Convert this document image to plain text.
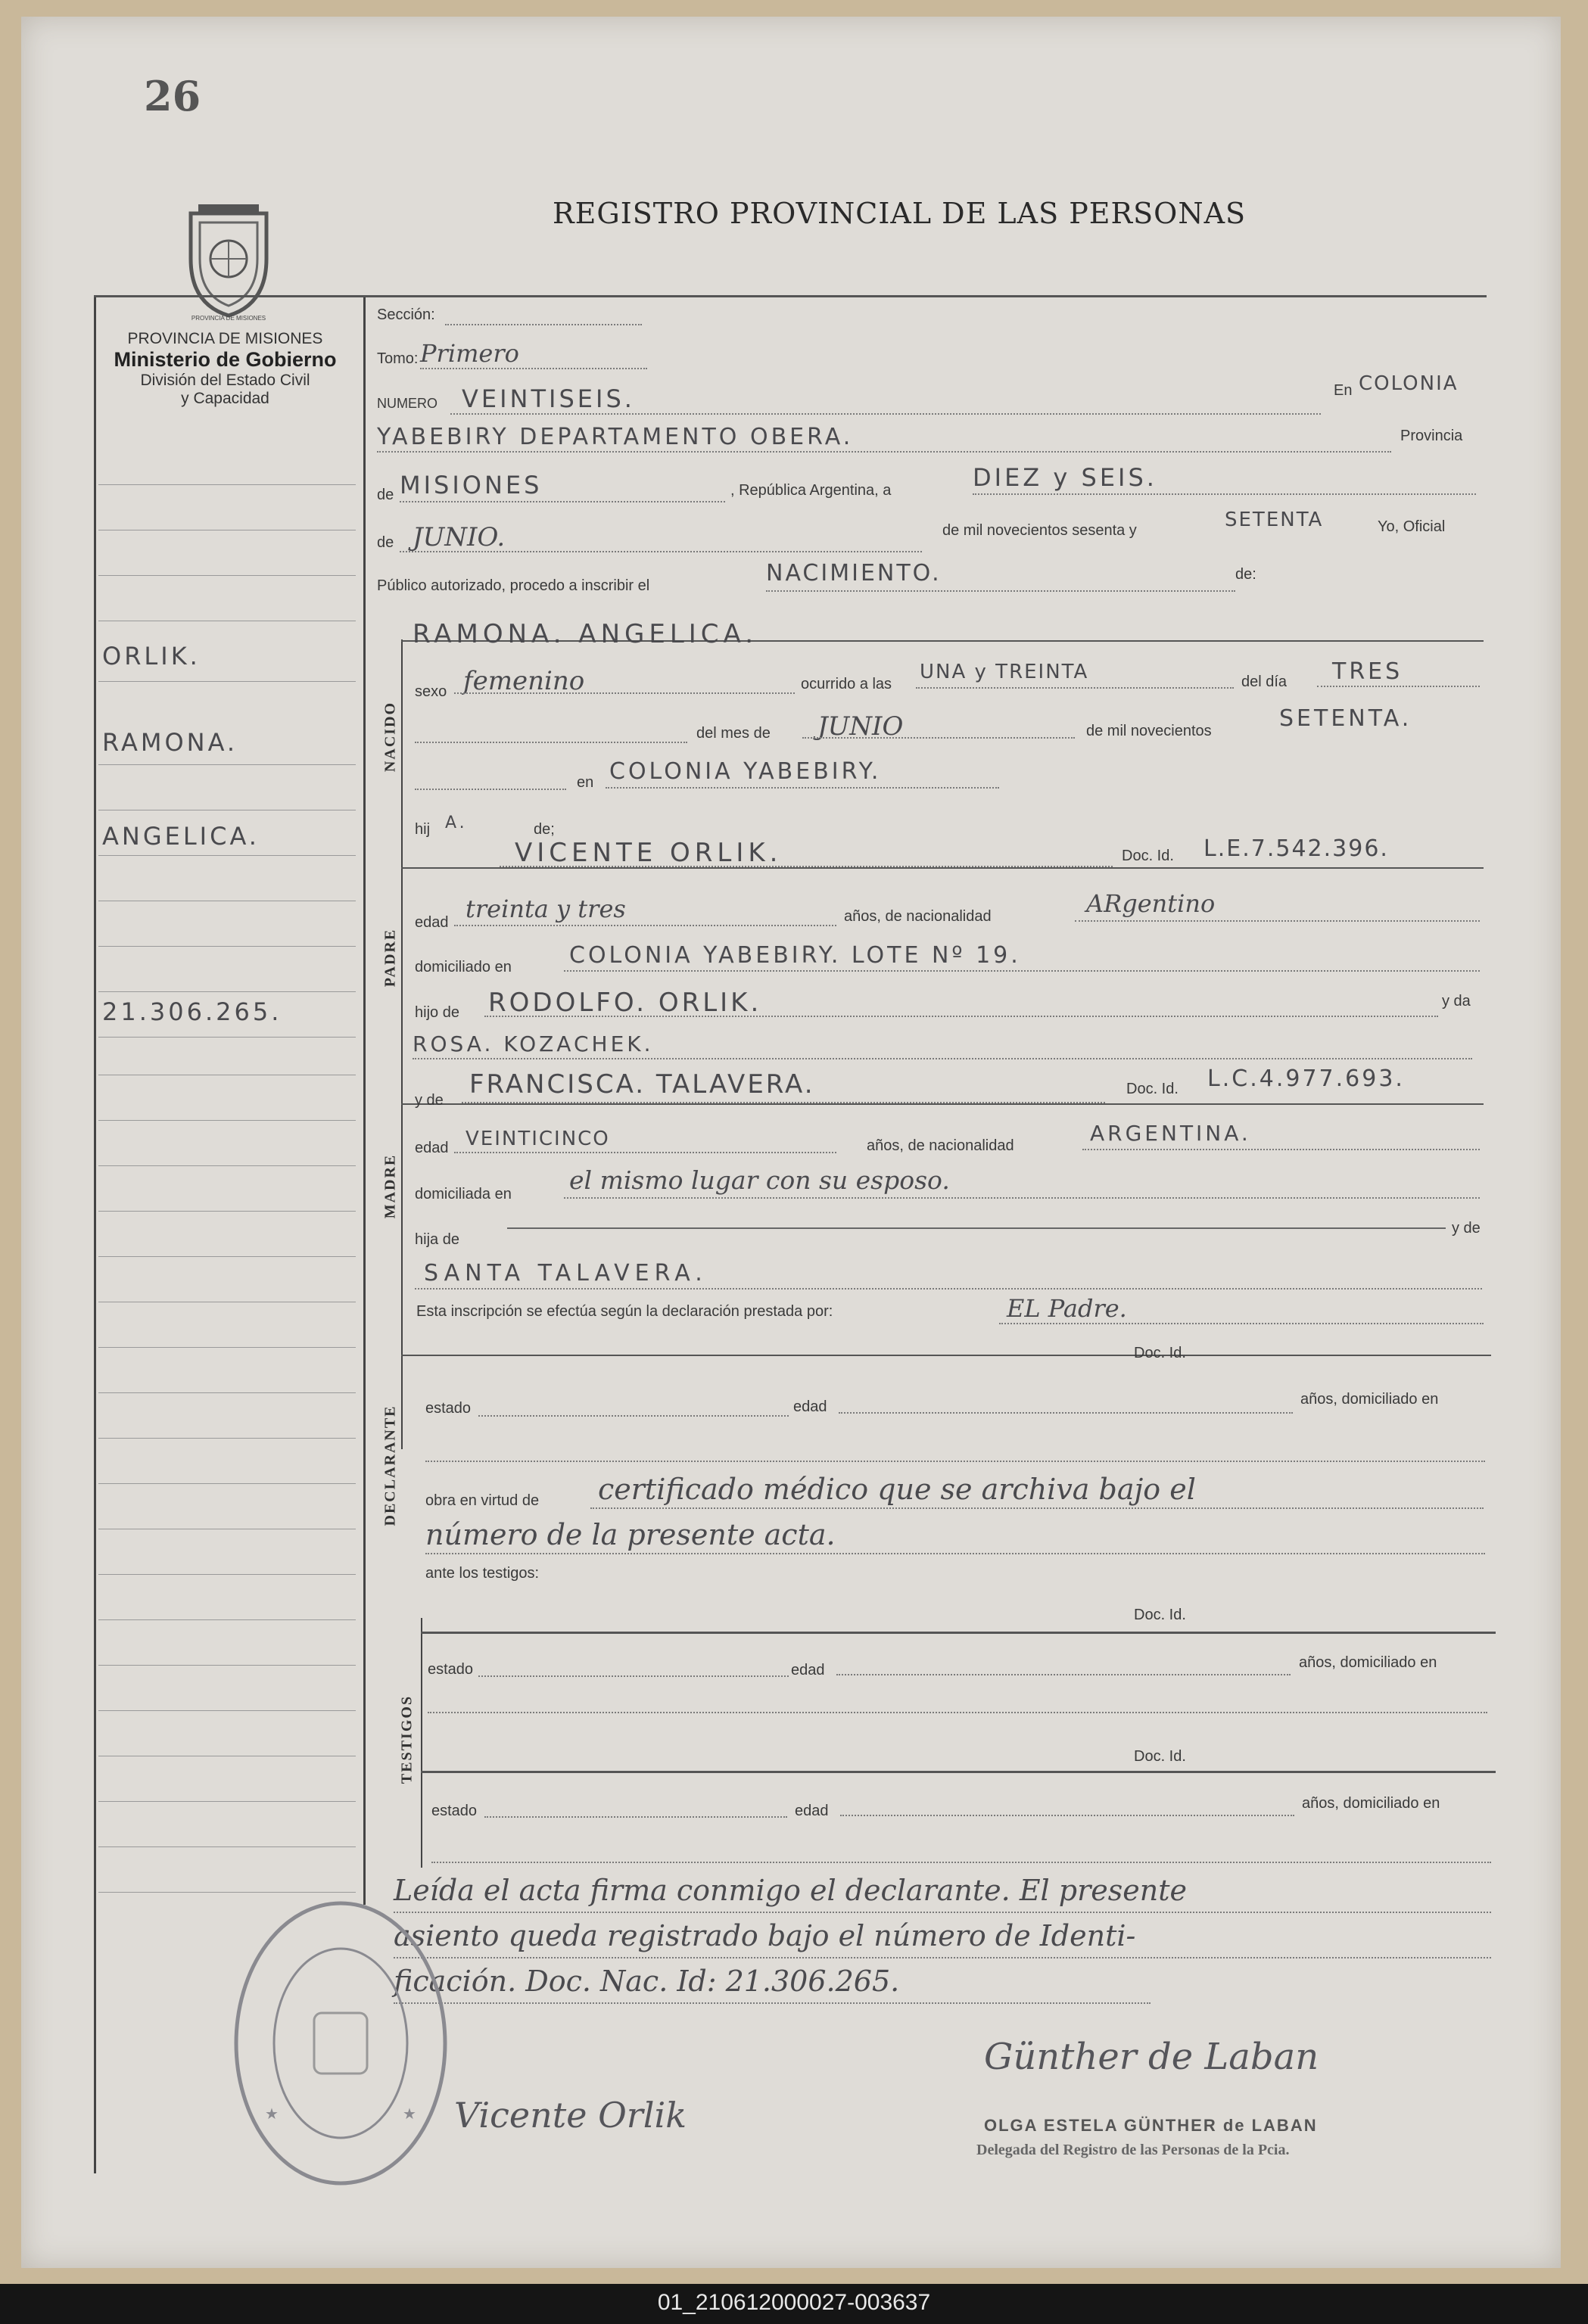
26
REGISTRO PROVINCIAL DE LAS PERSONAS
PROVINCIA DE MISIONES
PROVINCIA DE MISIONES
Ministerio de Gobierno
División del Estado Civil
y Capacidad
ORLIK.
RAMONA.
ANGELICA.
21.306.265.
Sección:
Tomo: Primero
NUMERO VEINTISEIS.	En COLONIA
YABEBIRY DEPARTAMENTO OBERA.	Provincia
de MISIONES	, República Argentina, a	DIEZ y SEIS.
de JUNIO.	de mil novecientos sesenta y	SETENTA	Yo, Oficial
Público autorizado, procedo a inscribir el	NACIMIENTO.	de:
NACIDO
RAMONA. ANGELICA.
sexo femenino	ocurrido a las
UNA y TREINTA	del día TRES
del mes de JUNIO	de mil novecientos	SETENTA.
en COLONIA YABEBIRY.
hij A.	de;
PADRE
VICENTE ORLIK.	Doc. Id. L.E.7.542.396.
edad treinta y tres	años, de nacionalidad	ARgentino
domiciliado en	COLONIA YABEBIRY. LOTE Nº 19.
hijo de RODOLFO. ORLIK.	y da
ROSA. KOZACHEK.
MADRE
y de
FRANCISCA. TALAVERA.	Doc. Id. L.C.4.977.693.
edad VEINTICINCO	años, de nacionalidad	ARGENTINA.
domiciliada en el mismo lugar con su esposo.
hija de
y de
SANTA TALAVERA.
Esta inscripción se efectúa según la declaración prestada por:	EL Padre.
DECLARANTE
Doc. Id.
estado	edad	años, domiciliado en
obra en virtud de certificado médico que se archiva bajo el
número de la presente acta.
ante los testigos:
TESTIGOS
Doc. Id.
estado	edad	años, domiciliado en
Doc. Id.
estado	edad	años, domiciliado en
Leída el acta firma conmigo el declarante. El presente
asiento queda registrado bajo el número de Identi-
ficación. Doc. Nac. Id: 21.306.265.
★	★ Vicente Orlik
Günther de Laban
OLGA ESTELA GÜNTHER de LABAN
Delegada del Registro de las Personas de la Pcia.
01_210612000027-003637
